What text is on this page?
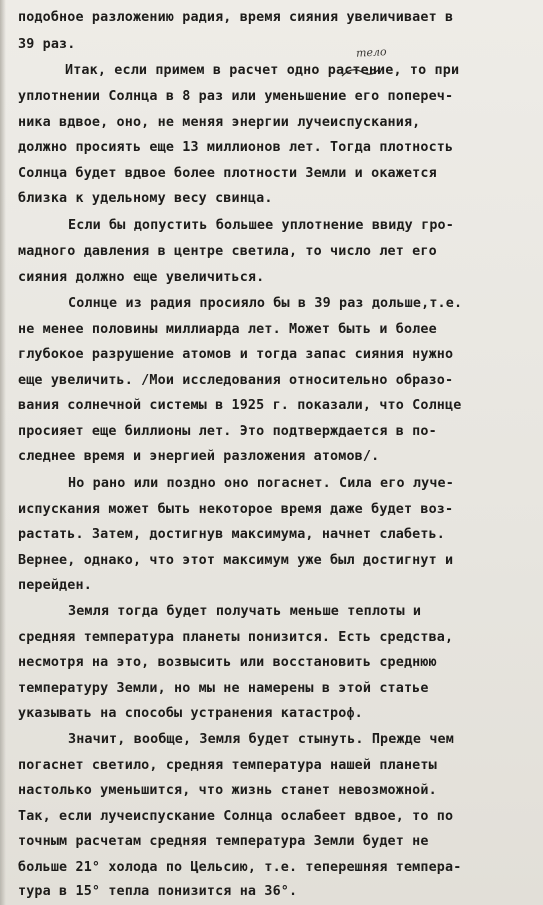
тело
подобное разложению радия, время сияния увеличивает в
39 раз.
Итак, если примем в расчет одно растение, то при
уплотнении Солнца в 8 раз или уменьшение его попереч-
ника вдвое, оно, не меняя энергии лучеиспускания,
должно просиять еще 13 миллионов лет. Тогда плотность
Солнца будет вдвое более плотности Земли и окажется
близка к удельному весу свинца.
Если бы допустить большее уплотнение ввиду гро-
мадного давления в центре светила, то число лет его
сияния должно еще увеличиться.
Солнце из радия просияло бы в 39 раз дольше,т.е.
не менее половины миллиарда лет. Может быть и более
глубокое разрушение атомов и тогда запас сияния нужно
еще увеличить. /Мои исследования относительно образо-
вания солнечной системы в 1925 г. показали, что Солнце
просияет еще биллионы лет. Это подтверждается в по-
следнее время и энергией разложения атомов/.
Но рано или поздно оно погаснет. Сила его луче-
испускания может быть некоторое время даже будет воз-
растать. Затем, достигнув максимума, начнет слабеть.
Вернее, однако, что этот максимум уже был достигнут и
перейден.
Земля тогда будет получать меньше теплоты и
средняя температура планеты понизится. Есть средства,
несмотря на это, возвысить или восстановить среднюю
температуру Земли, но мы не намерены в этой статье
указывать на способы устранения катастроф.
Значит, вообще, Земля будет стынуть. Прежде чем
погаснет светило, средняя температура нашей планеты
настолько уменьшится, что жизнь станет невозможной.
Так, если лучеиспускание Солнца ослабеет вдвое, то по
точным расчетам средняя температура Земли будет не
больше 21° холода по Цельсию, т.е. теперешняя темпера-
тура в 15° тепла понизится на 36°.
